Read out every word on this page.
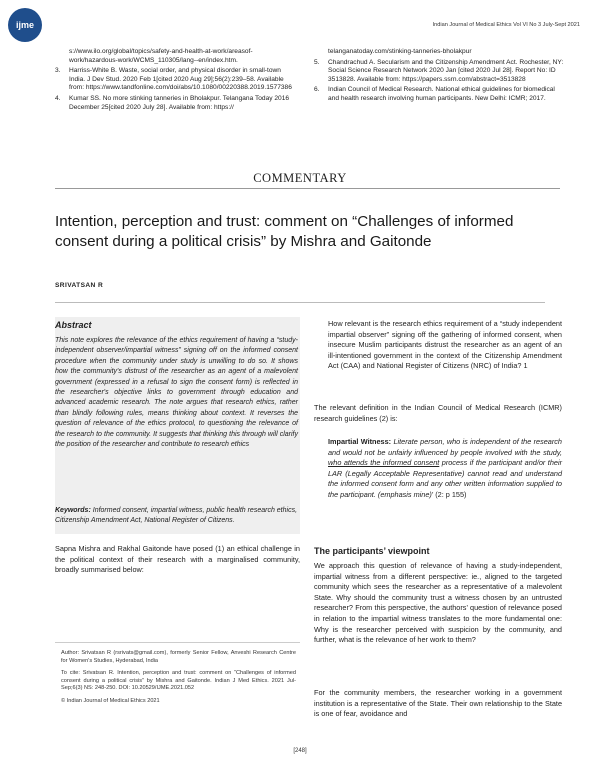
ijme	Indian Journal of Medical Ethics Vol VI No 3 July-Sept 2021
s://www.ilo.org/global/topics/safety-and-health-at-work/areasof-work/hazardous-work/WCMS_110305/lang--en/index.htm.
3.	Harriss-White B. Waste, social order, and physical disorder in small-town India. J Dev Stud. 2020 Feb 1[cited 2020 Aug 29];56(2):239–58. Available from: https://www.tandfonline.com/doi/abs/10.1080/00220388.2019.1577386
4.	Kumar SS. No more stinking tanneries in Bholakpur. Telangana Today 2016 December 25[cited 2020 July 28]. Available from: https://
telanganatoday.com/stinking-tanneries-bholakpur
5.	Chandrachud A. Secularism and the Citizenship Amendment Act. Rochester, NY: Social Science Research Network 2020 Jan [cited 2020 Jul 28]. Report No: ID 3513828. Available from: https://papers.ssrn.com/abstract=3513828
6.	Indian Council of Medical Research. National ethical guidelines for biomedical and health research involving human participants. New Delhi: ICMR; 2017.
COMMENTARY
Intention, perception and trust: comment on “Challenges of informed consent during a political crisis” by Mishra and Gaitonde
SRIVATSAN R
Abstract
This note explores the relevance of the ethics requirement of having a “study-independent observer/impartial witness” signing off on the informed consent procedure when the community under study is unwilling to do so. It shows how the community's distrust of the researcher as an agent of a malevolent government (expressed in a refusal to sign the consent form) is reflected in the researcher's objective links to government through education and advanced academic research. The note argues that research ethics, rather than blindly following rules, means thinking about context. It reverses the question of relevance of the ethics protocol, to questioning the relevance of the research to the community. It suggests that thinking this through will clarify the position of the researcher and contribute to research ethics
Keywords: Informed consent, impartial witness, public health research ethics, Citizenship Amendment Act, National Register of Citizens.
Sapna Mishra and Rakhal Gaitonde have posed (1) an ethical challenge in the political context of their research with a marginalised community, broadly summarised below:

Author: Srivatsan R (rsrivats@gmail.com), formerly Senior Fellow, Anveshi Research Centre for Women's Studies, Hyderabad, India

To cite: Srivatsan R. Intention, perception and trust: comment on “Challenges of informed consent during a political crisis” by Mishra and Gaitonde. Indian J Med Ethics. 2021 Jul-Sep;6(3) NS: 248-250. DOI: 10.20529/IJME.2021.052

© Indian Journal of Medical Ethics 2021

How relevant is the research ethics requirement of a “study independent impartial observer” signing off the gathering of informed consent, when insecure Muslim participants distrust the researcher as an agent of an ill-intentioned government in the context of the Citizenship Amendment Act (CAA) and National Register of Citizens (NRC) of India? 1
The relevant definition in the Indian Council of Medical Research (ICMR) research guidelines (2) is:
Impartial Witness: Literate person, who is independent of the research and would not be unfairly influenced by people involved with the study, who attends the informed consent process if the participant and/or their LAR (Legally Acceptable Representative) cannot read and understand the informed consent form and any other written information supplied to the participant. (emphasis mine)’ (2: p 155)
The participants’ viewpoint
We approach this question of relevance of having a study-independent, impartial witness from a different perspective: ie., aligned to the targeted community which sees the researcher as a representative of a malevolent State. Why should the community trust a witness chosen by an untrusted researcher? From this perspective, the authors’ question of relevance posed in relation to the impartial witness translates to the more fundamental one: Why is the researcher perceived with suspicion by the community, and further, what is the relevance of her work to them?
For the community members, the researcher working in a government institution is a representative of the State. Their own relationship to the State is one of fear, avoidance and
[248]
